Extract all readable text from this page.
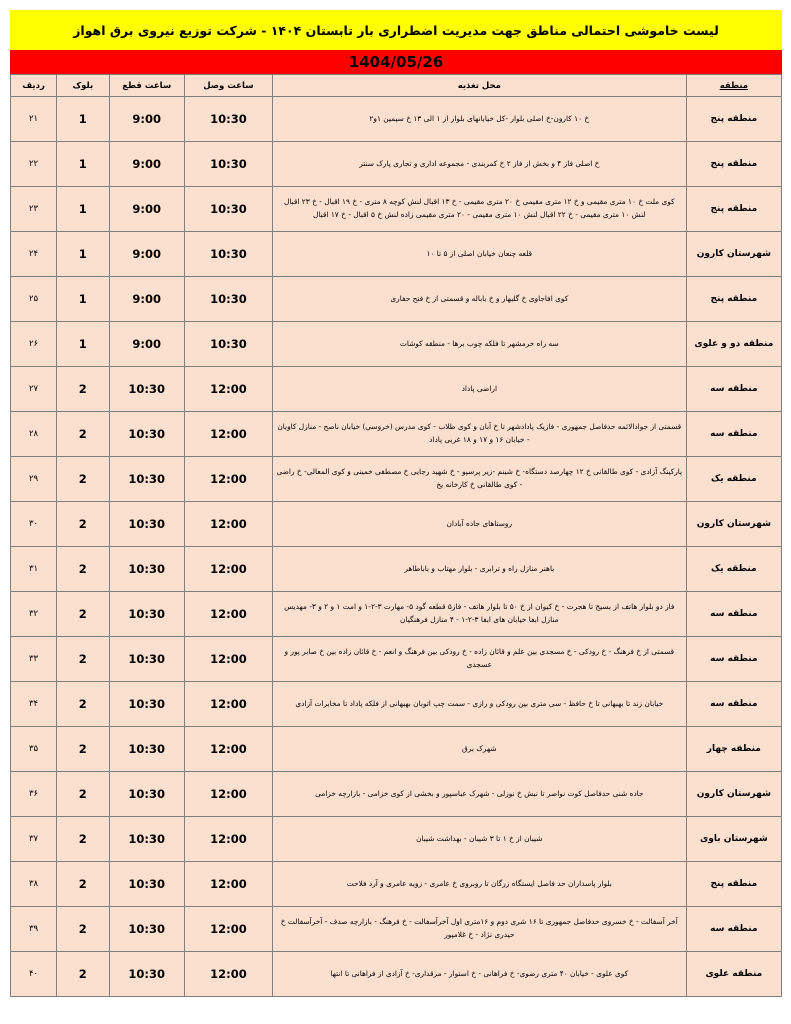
لیست خاموشی احتمالی مناطق جهت مدیریت اضطراری بار تابستان ۱۴۰۴ - شرکت توزیع نیروی برق اهواز
1404/05/26
منطقه	محل تغذیه	ساعت وصل	ساعت قطع	بلوک	ردیف
منطقه پنج	خ ۱۰ کارون-خ اصلی بلوار -کل خیابانهای بلوار از ۱ الی ۱۳ خ سیمین ۱و۲	10:30	9:00	1	۲۱
منطقه پنج	خ اصلی فاز ۴ و بخش از فاز ۲ خ کمربندی - مجموعه اداری و تجاری پارک سنتر	10:30	9:00	1	۲۲
منطقه پنج	کوی ملت خ ۱۰ متری مقیمی و خ ۱۲ متری مقیمی خ ۲۰ متری مقیمی - خ ۱۳ اقبال لنش کوچه ۸ متری - خ ۱۹ اقبال - خ ۲۳ اقبال لنش ۱۰ متری مقیمی - خ ۲۲ اقبال لنش ۱۰ متری مقیمی - ۲۰ متری مقیمی زاده لنش خ ۵ اقبال - خ ۱۷ اقبال	10:30	9:00	1	۲۳
شهرستان کارون	قلعه چنعان خیابان اصلی از ۵ تا ۱۰	10:30	9:00	1	۲۴
منطقه پنج	کوی افاجاوی خ گلبهار و خ باباله و قسمتی از خ فتح حفاری	10:30	9:00	1	۲۵
منطقه دو و علوی	سه راه خرمشهر تا فلکه چوب برها - منطقه کوشات	10:30	9:00	1	۲۶
منطقه سه	اراضی پاداد	12:00	10:30	2	۲۷
منطقه سه	قسمتی از جوادالائمه حدفاصل جمهوری - فازیک پادادشهر تا خ آبان و کوی طلاب - کوی مدرس (خروسی) خیابان ناصح - منازل کاویان - خیابان ۱۶ و ۱۷ و ۱۸ غربی پاداد	12:00	10:30	2	۲۸
منطقه یک	پارکینگ آزادی - کوی طالقانی خ ۱۲ چهارصد دستگاه- خ شبنم -زیر پرسپو - خ شهید رجایی خ مصطفی خمینی و کوی المعالی- خ راضی - کوی طالقانی خ کارخانه یخ	12:00	10:30	2	۲۹
شهرستان کارون	روستاهای جاده آبادان	12:00	10:30	2	۳۰
منطقه یک	باهنر منازل راه و ترابری - بلوار مهتاب و باباطاهر	12:00	10:30	2	۳۱
منطقه سه	فاز دو بلوار هاتف از بسیج تا هجرت - خ کیوان از خ ۵۰ تا بلوار هاتف - فاز۵ قطعه گود ۵- مهارت ۳-۲-۱ و امت ۱ و ۲ و ۳- مهدیس منازل ابفا خیابان های ابفا ۳-۲-۱ - ۴ منازل فرهنگیان	12:00	10:30	2	۳۲
منطقه سه	قسمتی از خ فرهنگ - خ رودکی - خ مسجدی بین علم و قائان زاده - خ رودکی بین فرهنگ و انعم - خ قائان زاده بین خ صابر پور و عسجدی	12:00	10:30	2	۳۳
منطقه سه	خیابان زند تا بهبهانی تا خ حافظ - سی متری بین رودکی و رازی - سمت چپ اتوبان بهبهانی از فلکه پاداد تا مخابرات آزادی	12:00	10:30	2	۳۴
منطقه چهار	شهرک برق	12:00	10:30	2	۳۵
شهرستان کارون	جاده شنی حدفاصل کوت نواصر تا نبش خ نوزلی - شهرک عباسپور و بخشی از کوی خزامی - بازارچه خزامی	12:00	10:30	2	۳۶
شهرستان باوی	شیبان از خ ۱ تا ۳ شیبان - بهداشت شیبان	12:00	10:30	2	۳۷
منطقه پنج	بلوار پاسداران حد فاصل ایستگاه زرگان تا روبروی خ عامری - زویه عامری و آرد فلاحت	12:00	10:30	2	۳۸
منطقه سه	آخر آسفالت - خ خسروی حدفاصل جمهوری تا ۱۶ شری دوم و ۱۶متری اول آخرآسفالت - خ فرهنگ - بازارچه صدف - آخرآسفالت خ حیدری نژاد - خ غلامپور	12:00	10:30	2	۳۹
منطقه علوی	کوی علوی - خیابان ۴۰ متری رضوی- خ فراهانی - خ استوار - مرقداری- خ آزادی از فراهانی تا انتها	12:00	10:30	2	۴۰
